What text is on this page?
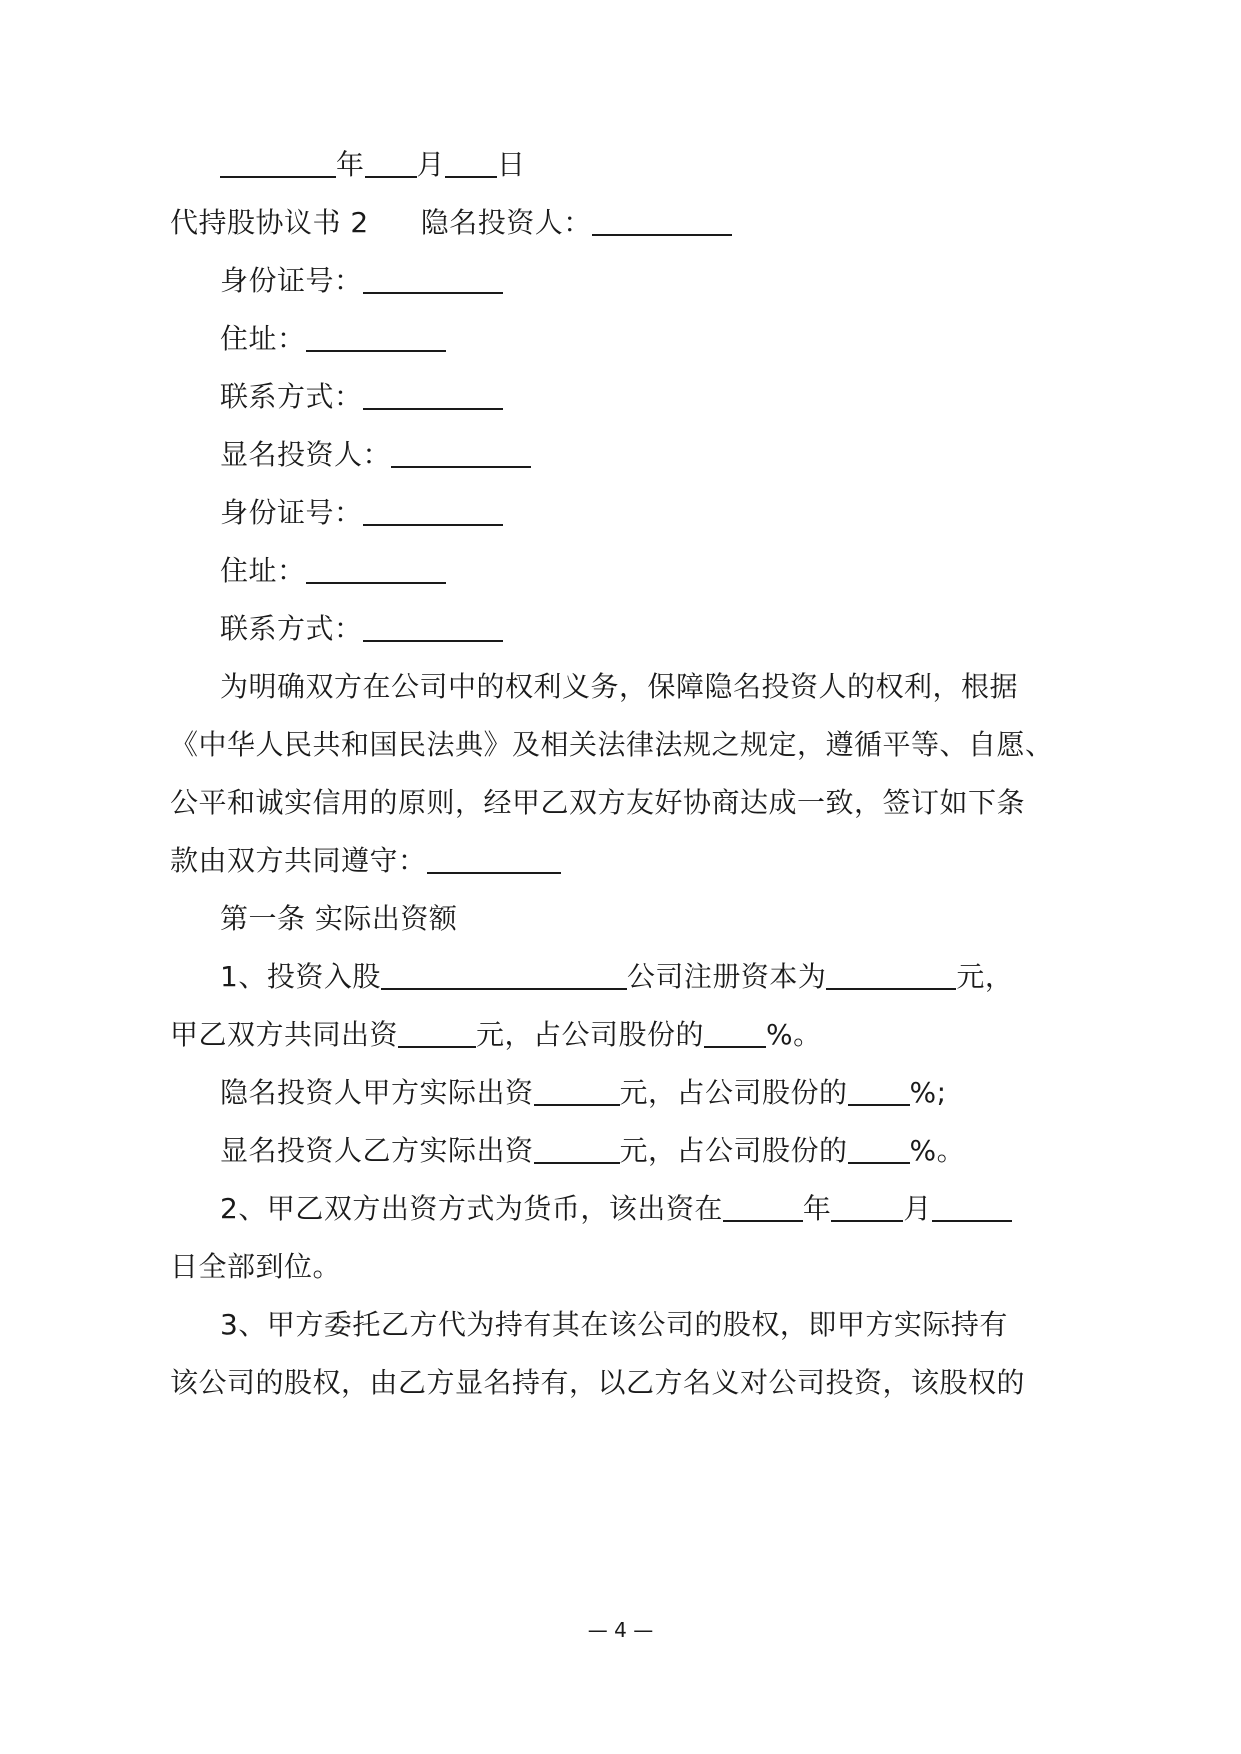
年 月 日
代持股协议书 2 隐名投资人：
身份证号：
住址：
联系方式：
显名投资人：
身份证号：
住址：
联系方式：
为明确双方在公司中的权利义务，保障隐名投资人的权利，根据
《中华人民共和国民法典》及相关法律法规之规定，遵循平等、自愿、
公平和诚实信用的原则，经甲乙双方友好协商达成一致，签订如下条
款由双方共同遵守：
第一条 实际出资额
1、投资入股	公司注册资本为	元，
甲乙双方共同出资	元，占公司股份的 %。
隐名投资人甲方实际出资	元，占公司股份的 %;
显名投资人乙方实际出资	元，占公司股份的 %。
2、甲乙双方出资方式为货币，该出资在	年	月
日全部到位。
3、甲方委托乙方代为持有其在该公司的股权，即甲方实际持有
该公司的股权，由乙方显名持有，以乙方名义对公司投资，该股权的
— 4 —
